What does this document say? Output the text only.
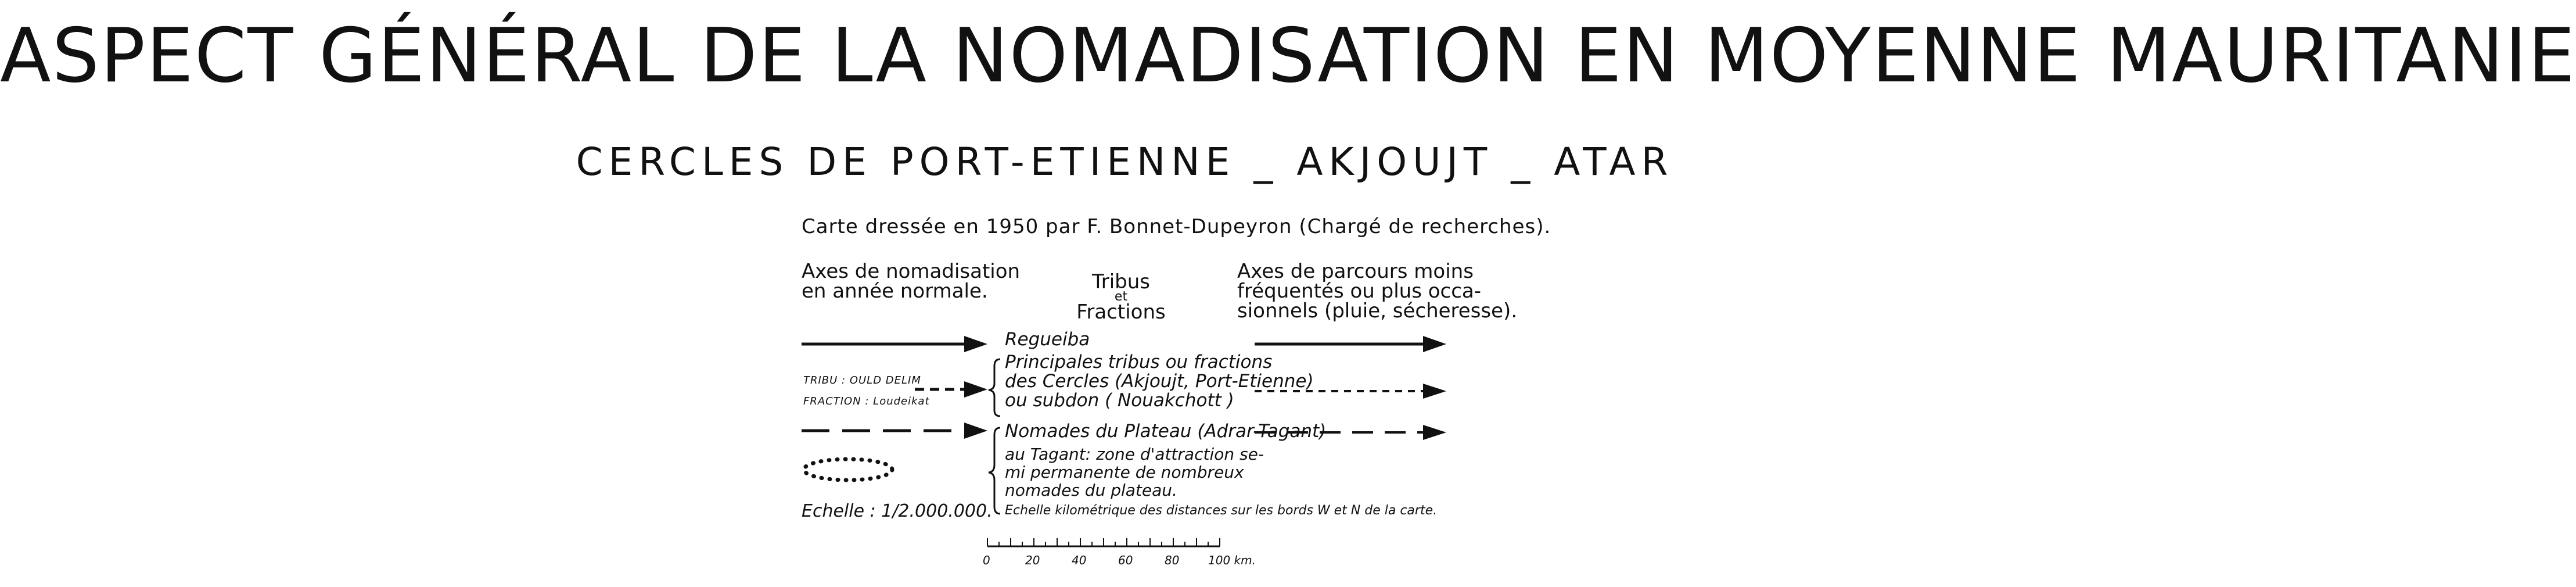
ASPECT GÉNÉRAL DE LA NOMADISATION EN MOYENNE MAURITANIE
CERCLES DE PORT-ETIENNE _ AKJOUJT _ ATAR
Carte dressée en 1950 par F. Bonnet-Dupeyron (Chargé de recherches).
Axes de nomadisation
en année normale.	Tribus
et
Fractions
Axes de parcours moins
fréquentés ou plus occa-
sionnels (pluie, sécheresse).
Regueiba
Principales tribus ou fractions
des Cercles (Akjoujt, Port-Etienne)
ou subdon ( Nouakchott )
TRIBU : OULD DELIM
FRACTION : Loudeikat
Nomades du Plateau (Adrar-Tagant)
au Tagant: zone d'attraction se-
mi permanente de nombreux
nomades du plateau.
Echelle kilométrique des distances sur les bords W et N de la carte.
Echelle : 1/2.000.000.
0	20	40	60	80 100 km.
